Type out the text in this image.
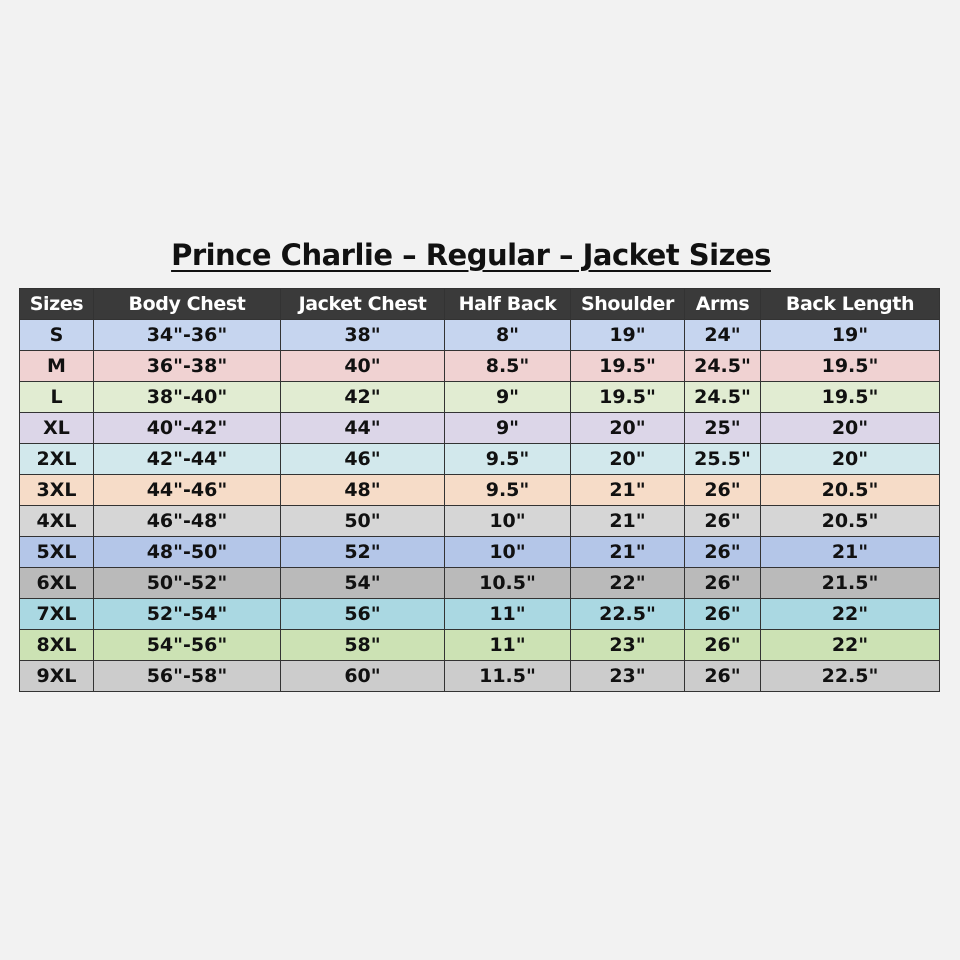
Prince Charlie – Regular – Jacket Sizes
Sizes	Body Chest	Jacket Chest	Half Back	Shoulder	Arms	Back Length
S	34"-36"	38"	8"	19"	24"	19"
M	36"-38"	40"	8.5"	19.5"	24.5"	19.5"
L	38"-40"	42"	9"	19.5"	24.5"	19.5"
XL	40"-42"	44"	9"	20"	25"	20"
2XL	42"-44"	46"	9.5"	20"	25.5"	20"
3XL	44"-46"	48"	9.5"	21"	26"	20.5"
4XL	46"-48"	50"	10"	21"	26"	20.5"
5XL	48"-50"	52"	10"	21"	26"	21"
6XL	50"-52"	54"	10.5"	22"	26"	21.5"
7XL	52"-54"	56"	11"	22.5"	26"	22"
8XL	54"-56"	58"	11"	23"	26"	22"
9XL	56"-58"	60"	11.5"	23"	26"	22.5"
